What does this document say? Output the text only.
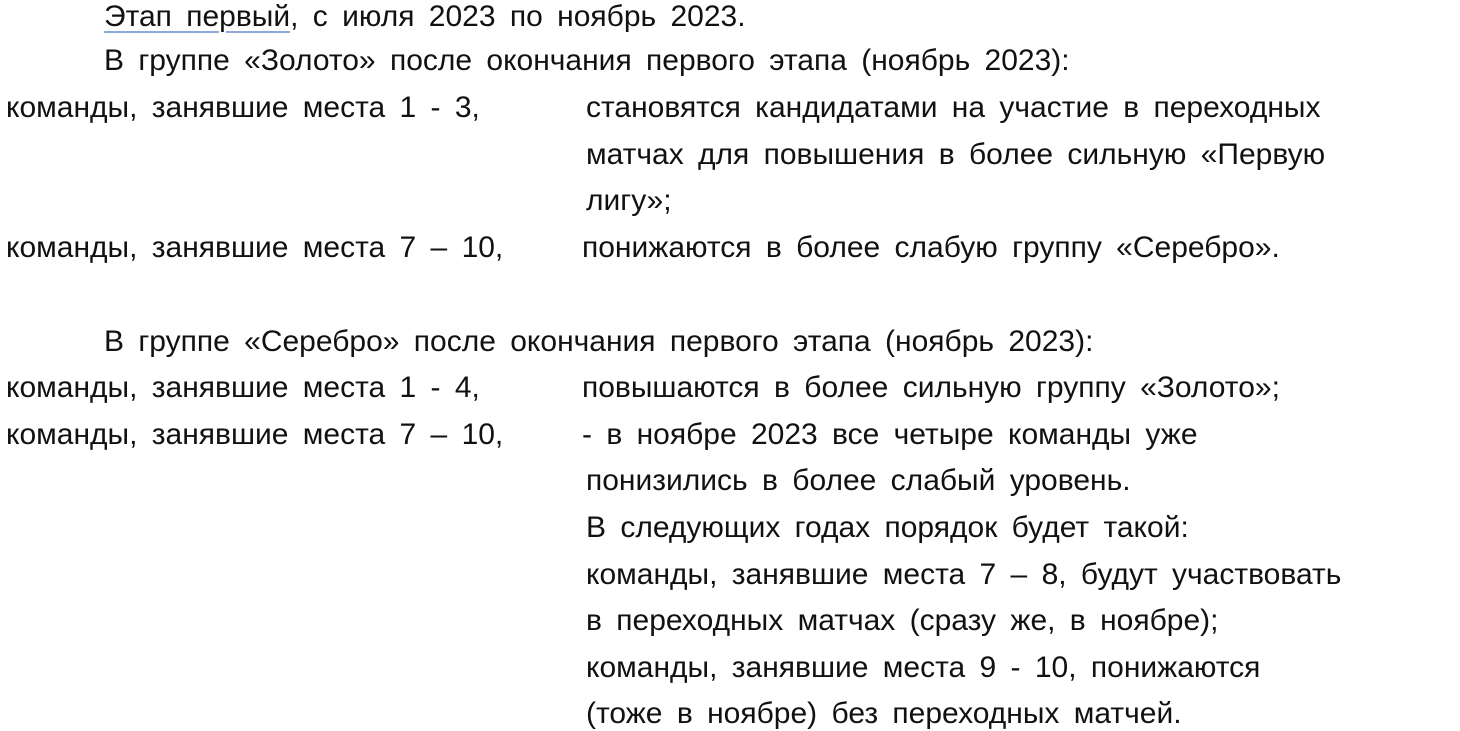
Этап первый, с июля 2023 по ноябрь 2023.
В группе «Золото» после окончания первого этапа (ноябрь 2023):
команды, занявшие места 1 - 3,	становятся кандидатами на участие в переходных
матчах для повышения в более сильную «Первую
лигу»;
команды, занявшие места 7 – 10,	понижаются в более слабую группу «Серебро».
В группе «Серебро» после окончания первого этапа (ноябрь 2023):
команды, занявшие места 1 - 4,	повышаются в более сильную группу «Золото»;
команды, занявшие места 7 – 10,	- в ноябре 2023 все четыре команды уже
понизились в более слабый уровень.
В следующих годах порядок будет такой:
команды, занявшие места 7 – 8, будут участвовать
в переходных матчах (сразу же, в ноябре);
команды, занявшие места 9 - 10, понижаются
(тоже в ноябре) без переходных матчей.
